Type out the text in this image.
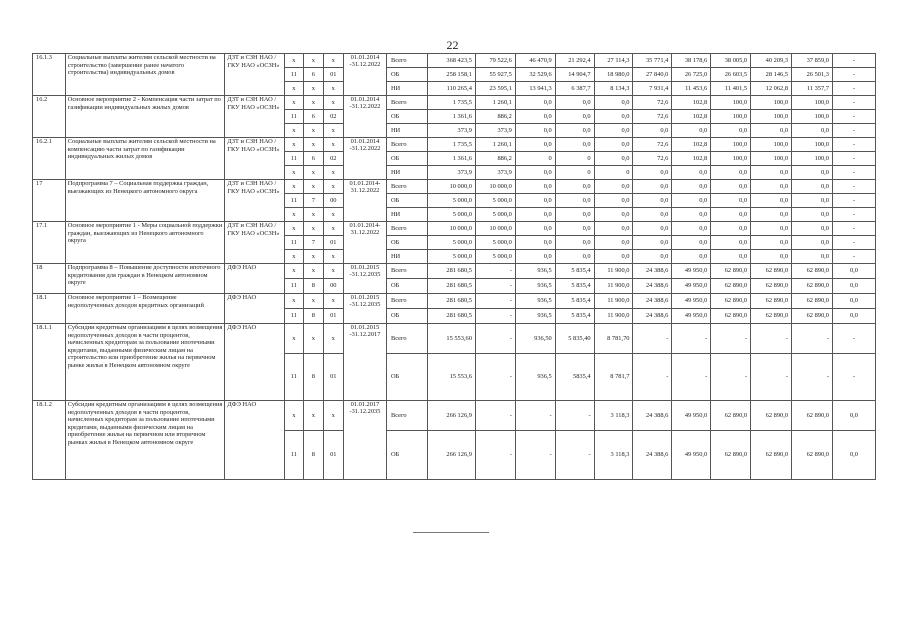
22
16.1.3	Социальные выплаты жителям сельской местности на строительство (завершение ранее начатого строительства) индивидуальных домов	ДЗТ и СЗН НАО / ГКУ НАО «ОСЗН»	x	x	x	01.01.2014 -31.12.2022	Всего	368 423,5	79 522,6	46 470,9	21 292,4	27 114,3	35 771,4	38 178,6	38 005,0	40 209,3	37 859,0	-
			11	6	01		ОБ	258 158,1	55 927,5	32 529,6	14 904,7	18 980,0	27 840,0	26 725,0	26 603,5	28 146,5	26 501,3	-
			x	x	x		НИ	110 265,4	23 595,1	13 941,3	6 387,7	8 134,3	7 931,4	11 453,6	11 401,5	12 062,8	11 357,7	-
16.2	Основное мероприятие 2 - Компенсация части затрат по газификации индивидуальных жилых домов	ДЗТ и СЗН НАО / ГКУ НАО «ОСЗН»	x	x	x	01.01.2014 -31.12.2022	Всего	1 735,5	1 260,1	0,0	0,0	0,0	72,6	102,8	100,0	100,0	100,0	-
			11	6	02		ОБ	1 361,6	886,2	0,0	0,0	0,0	72,6	102,8	100,0	100,0	100,0	-
			x	x	x		НИ	373,9	373,9	0,0	0,0	0,0	0,0	0,0	0,0	0,0	0,0	-
16.2.1	Социальные выплаты жителям сельской местности на компенсацию части затрат по газификации индивидуальных жилых домов	ДЗТ и СЗН НАО / ГКУ НАО «ОСЗН»	x	x	x	01.01.2014 -31.12.2022	Всего	1 735,5	1 260,1	0,0	0,0	0,0	72,6	102,8	100,0	100,0	100,0	-
			11	6	02		ОБ	1 361,6	886,2	0	0	0,0	72,6	102,8	100,0	100,0	100,0	-
			x	x	x		НИ	373,9	373,9	0,0	0	0	0,0	0,0	0,0	0,0	0,0	-
17	Подпрограмма 7 – Социальная поддержка граждан, выезжающих из Ненецкого автономного округа	ДЗТ и СЗН НАО / ГКУ НАО «ОСЗН»	x	x	x	01.01.2014-31.12.2022	Всего	10 000,0	10 000,0	0,0	0,0	0,0	0,0	0,0	0,0	0,0	0,0	-
			11	7	00		ОБ	5 000,0	5 000,0	0,0	0,0	0,0	0,0	0,0	0,0	0,0	0,0	-
			x	x	x		НИ	5 000,0	5 000,0	0,0	0,0	0,0	0,0	0,0	0,0	0,0	0,0	-
17.1	Основное мероприятие 1 - Меры социальной поддержки граждан, выезжающих из Ненецкого автономного округа	ДЗТ и СЗН НАО / ГКУ НАО «ОСЗН»	x	x	x	01.01.2014-31.12.2022	Всего	10 000,0	10 000,0	0,0	0,0	0,0	0,0	0,0	0,0	0,0	0,0	-
			11	7	01		ОБ	5 000,0	5 000,0	0,0	0,0	0,0	0,0	0,0	0,0	0,0	0,0	-
			x	x	x		НИ	5 000,0	5 000,0	0,0	0,0	0,0	0,0	0,0	0,0	0,0	0,0	-
18	Подпрограмма 8 – Повышение доступности ипотечного кредитования для граждан в Ненецком автономном округе	ДФЭ НАО	x	x	x	01.01.2015 -31.12.2035	Всего	281 680,5	-	936,5	5 835,4	11 900,0	24 388,6	49 950,0	62 890,0	62 890,0	62 890,0	0,0
			11	8	00		ОБ	281 680,5	-	936,5	5 835,4	11 900,0	24 388,6	49 950,0	62 890,0	62 890,0	62 890,0	0,0
18.1	Основное мероприятие 1 – Возмещение недополученных доходов кредитных организаций	ДФЭ НАО	x	x	x	01.01.2015 -31.12.2035	Всего	281 680,5	-	936,5	5 835,4	11 900,0	24 388,6	49 950,0	62 890,0	62 890,0	62 890,0	0,0
			11	8	01		ОБ	281 680,5	-	936,5	5 835,4	11 900,0	24 388,6	49 950,0	62 890,0	62 890,0	62 890,0	0,0
18.1.1	Субсидии кредитным организациям в целях возмещения недополученных доходов в части процентов, начисленных кредиторам за пользование ипотечными кредитами, выданными физическим лицам на строительство или приобретение жилья на первичном рынке жилья в Ненецком автономном округе	ДФЭ НАО	x	x	x	01.01.2015 -31.12.2017	Всего	15 553,60	-	936,50	5 835,40	8 781,70	-	-	-	-	-	-
			11	8	01		ОБ	15 553,6	-	936,5	5835,4	8 781,7	-	-	-	-	-	-
18.1.2	Субсидии кредитным организациям в целях возмещения недополученных доходов в части процентов, начисленных кредиторам за пользование ипотечными кредитами, выданными физическим лицам на приобретение жилья на первичном или вторичном рынках жилья в Ненецком автономном округе	ДФЭ НАО	x	x	x	01.01.2017 -31.12.2035	Всего	266 126,9	-	-	-	3 118,3	24 388,6	49 950,0	62 890,0	62 890,0	62 890,0	0,0
			11	8	01		ОБ	266 126,9	-	-	-	3 118,3	24 388,6	49 950,0	62 890,0	62 890,0	62 890,0	0,0
